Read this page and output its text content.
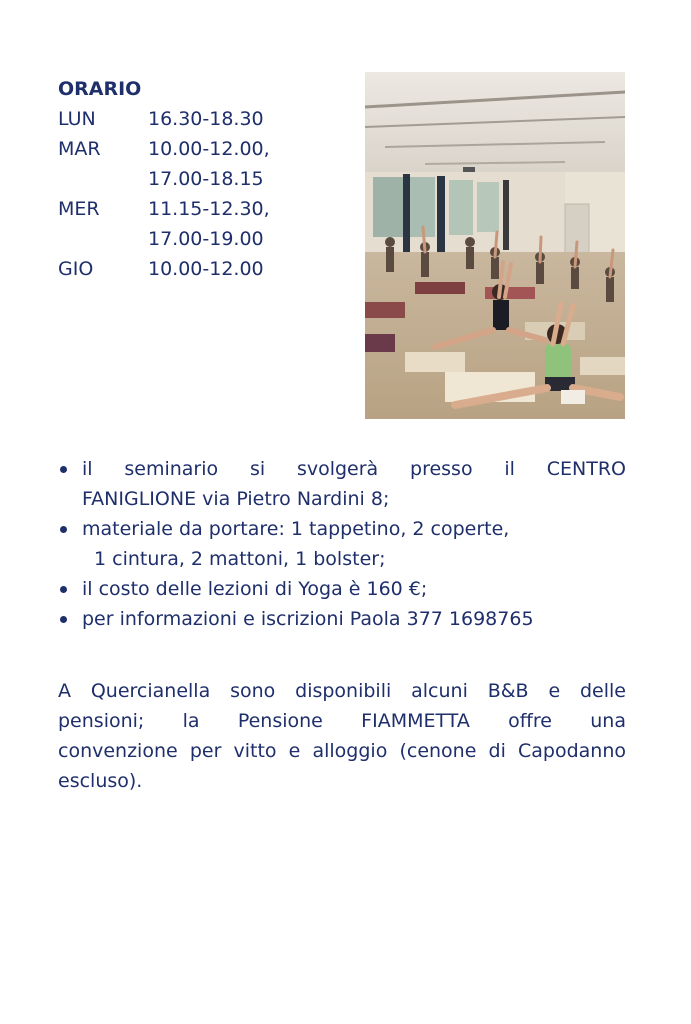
ORARIO
LUN	16.30-18.30
MAR	10.00-12.00,
17.00-18.15
MER	11.15-12.30,
17.00-19.00
GIO	10.00-12.00
il seminario si svolgerà presso il CENTRO
FANIGLIONE via Pietro Nardini 8;
materiale da portare: 1 tappetino, 2 coperte,
1 cintura, 2 mattoni, 1 bolster;
il costo delle lezioni di Yoga è 160 €;
per informazioni e iscrizioni Paola 377 1698765
A Quercianella sono disponibili alcuni B&B e delle
pensioni; la Pensione FIAMMETTA offre una
convenzione per vitto e alloggio (cenone di Capodanno
escluso).
